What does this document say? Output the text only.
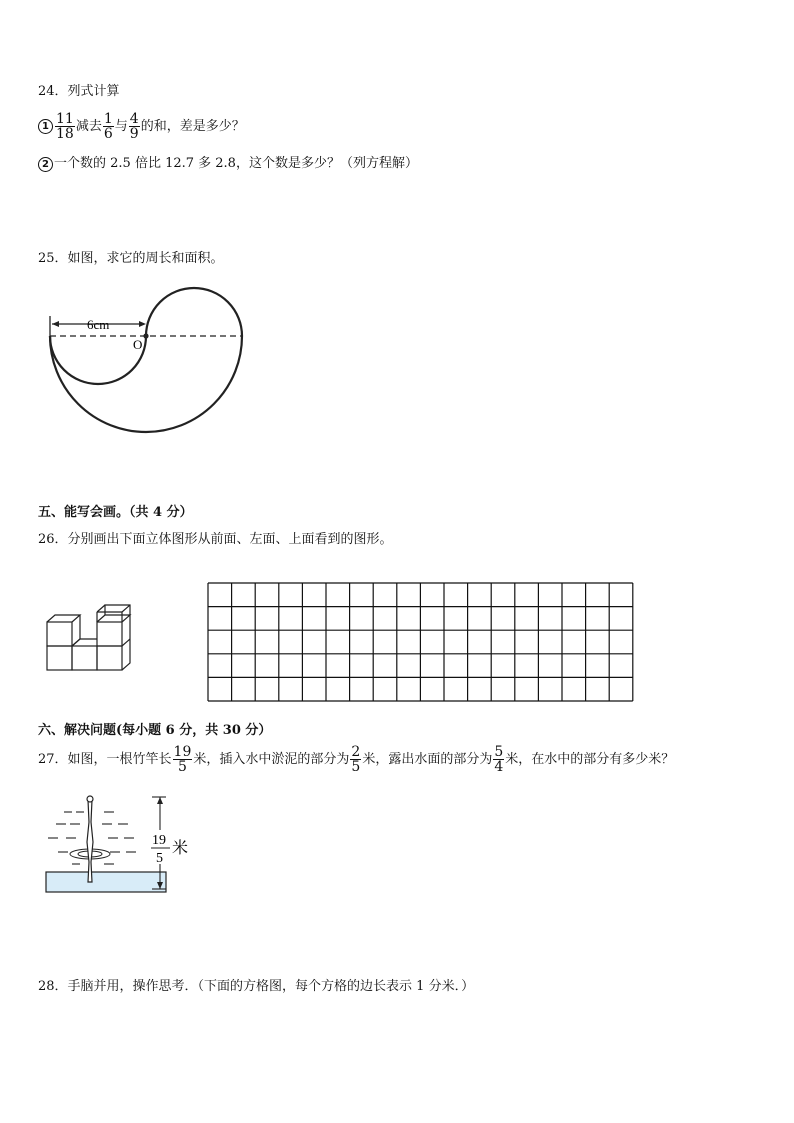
24．列式计算
$1 \frac{11}{18}$ 减去 $\frac{1}{6}$ 与 $\frac{4}{9}$ 的和，差是多少？
2 一个数的 2.5 倍比 12.7 多 2.8，这个数是多少？（列方程解）
25．如图，求它的周长和面积。
6cm
O
五、能写会画。（共 4 分）
26．分别画出下面立体图形从前面、左面、上面看到的图形。
六、解决问题(每小题 6 分，共 30 分）
27．如图，一根竹竿长 $\frac{19}{5}$ 米，插入水中淤泥的部分为 $\frac{2}{5}$ 米，露出水面的部分为 $\frac{5}{4}$ 米，在水中的部分有多少米？
19
5
米
28．手脑并用，操作思考．（下面的方格图，每个方格的边长表示 1 分米．）
